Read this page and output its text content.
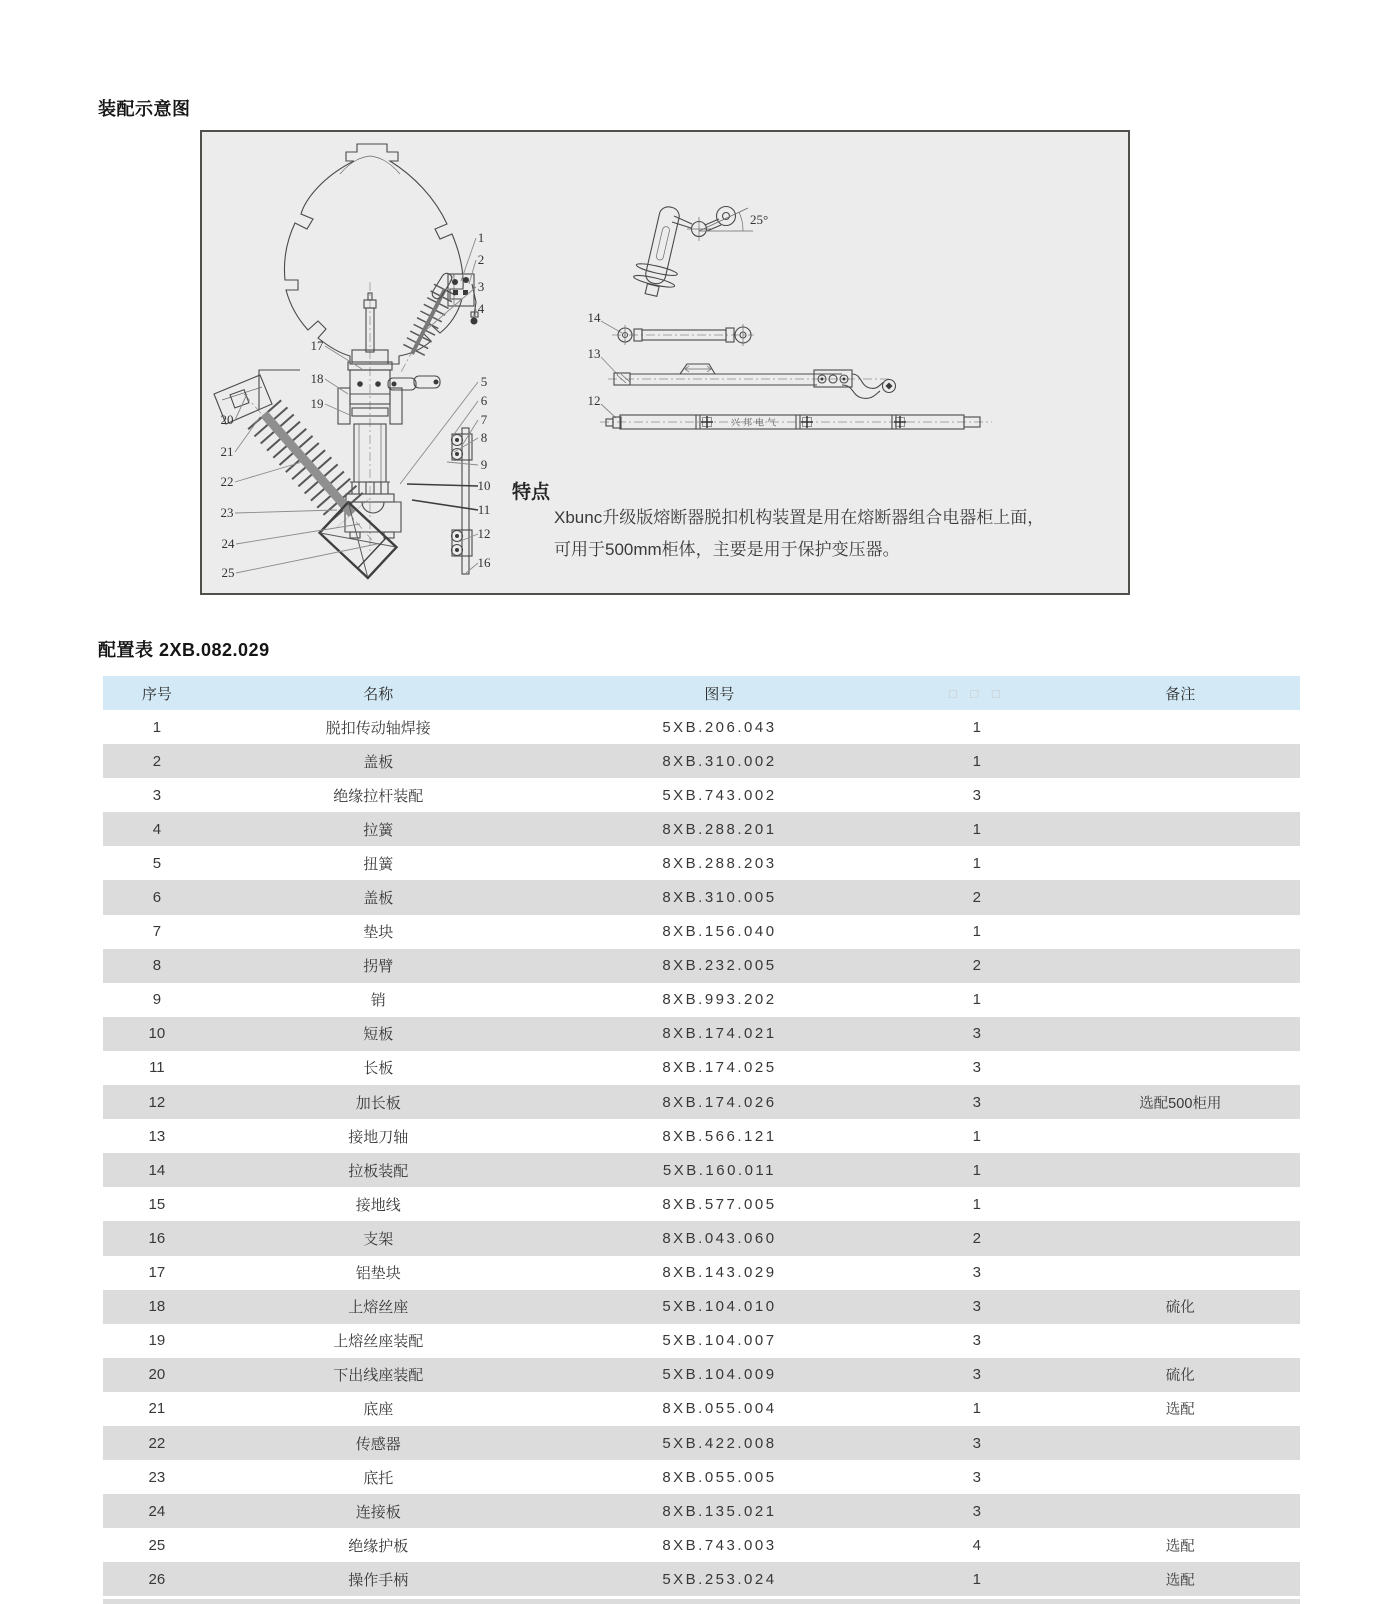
装配示意图
1
2
3
4
5
6
7
8
9
10
11
12
16
17
18
19
20
21
22
23
24
25
14
13
12
25°
兴邦电气
特点
Xbunc升级版熔断器脱扣机构装置是用在熔断器组合电器柜上面，
可用于500mm柜体，主要是用于保护变压器。
配置表 2XB.082.029
序号	名称	图号	□ □ □	备注
1	脱扣传动轴焊接	5XB.206.043	1	
2	盖板	8XB.310.002	1	
3	绝缘拉杆装配	5XB.743.002	3	
4	拉簧	8XB.288.201	1	
5	扭簧	8XB.288.203	1	
6	盖板	8XB.310.005	2	
7	垫块	8XB.156.040	1	
8	拐臂	8XB.232.005	2	
9	销	8XB.993.202	1	
10	短板	8XB.174.021	3	
11	长板	8XB.174.025	3	
12	加长板	8XB.174.026	3	选配500柜用
13	接地刀轴	8XB.566.121	1	
14	拉板装配	5XB.160.011	1	
15	接地线	8XB.577.005	1	
16	支架	8XB.043.060	2	
17	铝垫块	8XB.143.029	3	
18	上熔丝座	5XB.104.010	3	硫化
19	上熔丝座装配	5XB.104.007	3	
20	下出线座装配	5XB.104.009	3	硫化
21	底座	8XB.055.004	1	选配
22	传感器	5XB.422.008	3	
23	底托	8XB.055.005	3	
24	连接板	8XB.135.021	3	
25	绝缘护板	8XB.743.003	4	选配
26	操作手柄	5XB.253.024	1	选配
